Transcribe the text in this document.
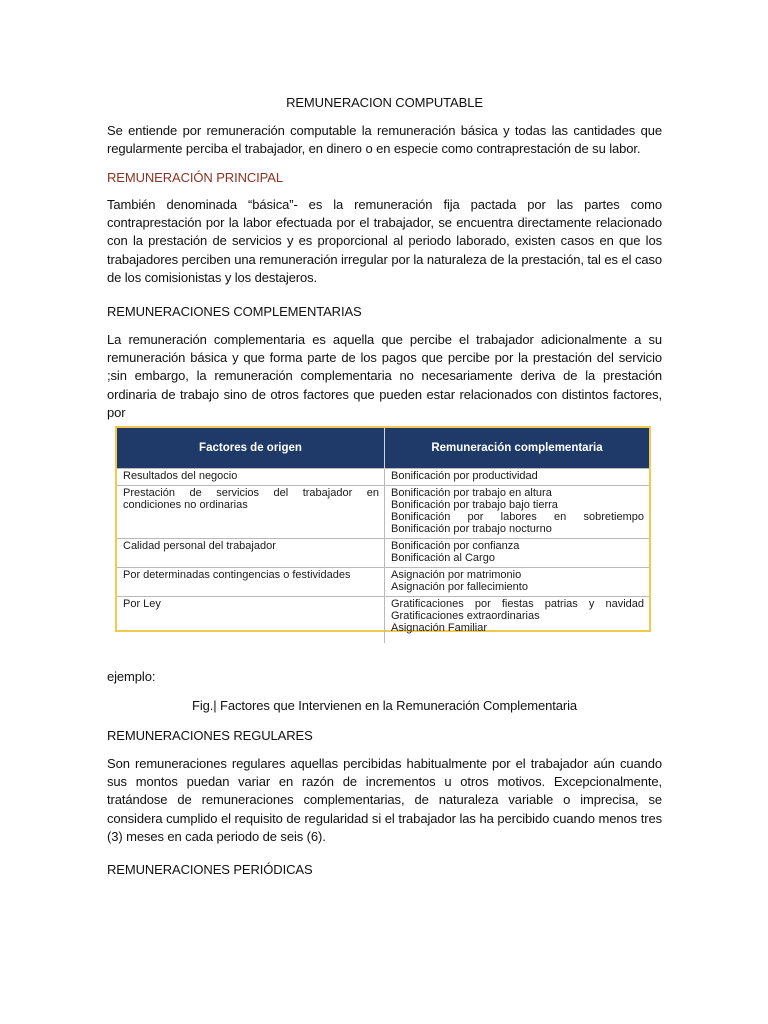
REMUNERACION COMPUTABLE
Se entiende por remuneración computable la remuneración básica y todas las cantidades que regularmente perciba el trabajador, en dinero o en especie como contraprestación de su labor.
REMUNERACIÓN PRINCIPAL
También denominada “básica”- es la remuneración fija pactada por las partes como contraprestación por la labor efectuada por el trabajador, se encuentra directamente relacionado con la prestación de servicios y es proporcional al periodo laborado, existen casos en que los trabajadores perciben una remuneración irregular por la naturaleza de la prestación, tal es el caso de los comisionistas y los destajeros.
REMUNERACIONES COMPLEMENTARIAS
La remuneración complementaria es aquella que percibe el trabajador adicionalmente a su remuneración básica y que forma parte de los pagos que percibe por la prestación del servicio ;sin embargo, la remuneración complementaria no necesariamente deriva de la prestación ordinaria de trabajo sino de otros factores que pueden estar relacionados con distintos factores, por
Factores de origen	Remuneración complementaria
Resultados del negocio	Bonificación por productividad

Prestación de servicios del trabajador en condiciones no ordinarias	Bonificación por trabajo en altura
Bonificación por trabajo bajo tierra
Bonificación por labores en sobretiempo
Bonificación por trabajo nocturno

Calidad personal del trabajador	Bonificación por confianza
Bonificación al Cargo

Por determinadas contingencias o festividades	Asignación por matrimonio
Asignación por fallecimiento

Por Ley	Gratificaciones por fiestas patrias y navidad
Gratificaciones extraordinarias
Asignación Familiar
ejemplo:
Fig.| Factores que Intervienen en la Remuneración Complementaria
REMUNERACIONES REGULARES
Son remuneraciones regulares aquellas percibidas habitualmente por el trabajador aún cuando sus montos puedan variar en razón de incrementos u otros motivos. Excepcionalmente, tratándose de remuneraciones complementarias, de naturaleza variable o imprecisa, se considera cumplido el requisito de regularidad si el trabajador las ha percibido cuando menos tres (3) meses en cada periodo de seis (6).
REMUNERACIONES PERIÓDICAS
